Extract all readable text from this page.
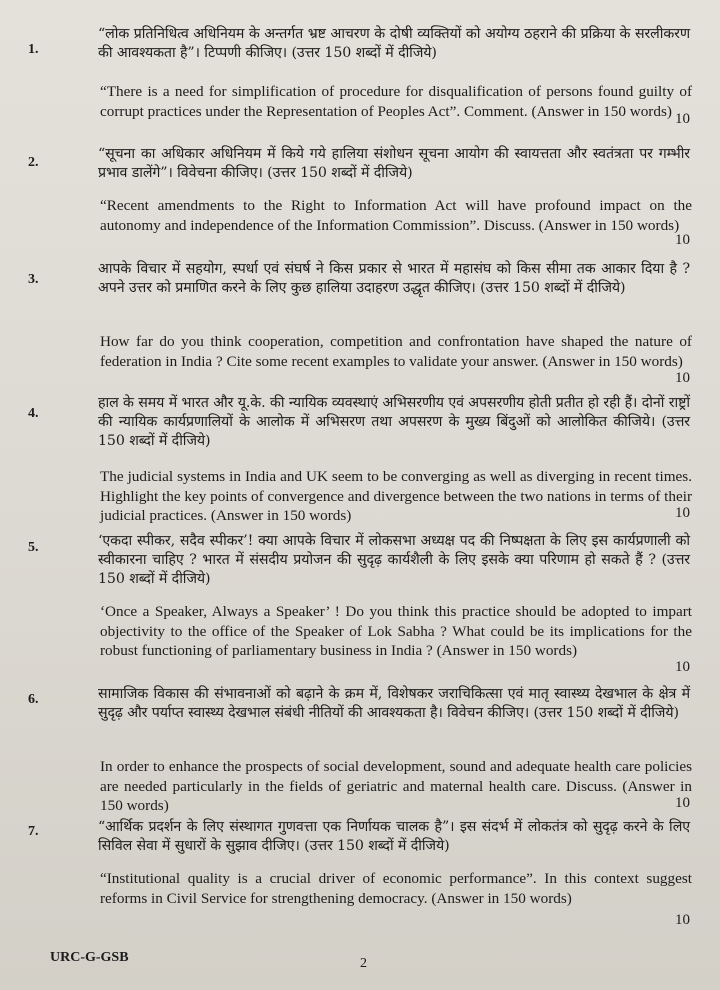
1.
“लोक प्रतिनिधित्व अधिनियम के अन्तर्गत भ्रष्ट आचरण के दोषी व्यक्तियों को अयोग्य ठहराने की प्रक्रिया के सरलीकरण की आवश्यकता है”। टिप्पणी कीजिए। (उत्तर 150 शब्दों में दीजिये)
“There is a need for simplification of procedure for disqualification of persons found guilty of corrupt practices under the Representation of Peoples Act”. Comment. (Answer in 150 words) 10
2.
“सूचना का अधिकार अधिनियम में किये गये हालिया संशोधन सूचना आयोग की स्वायत्तता और स्वतंत्रता पर गम्भीर प्रभाव डालेंगे”। विवेचना कीजिए। (उत्तर 150 शब्दों में दीजिये)
“Recent amendments to the Right to Information Act will have profound impact on the autonomy and independence of the Information Commission”. Discuss. (Answer in 150 words)
10
3.
आपके विचार में सहयोग, स्पर्धा एवं संघर्ष ने किस प्रकार से भारत में महासंघ को किस सीमा तक आकार दिया है ? अपने उत्तर को प्रमाणित करने के लिए कुछ हालिया उदाहरण उद्धृत कीजिए। (उत्तर 150 शब्दों में दीजिये)
How far do you think cooperation, competition and confrontation have shaped the nature of federation in India ? Cite some recent examples to validate your answer. (Answer in 150 words)
10
4.
हाल के समय में भारत और यू.के. की न्यायिक व्यवस्थाएं अभिसरणीय एवं अपसरणीय होती प्रतीत हो रही हैं। दोनों राष्ट्रों की न्यायिक कार्यप्रणालियों के आलोक में अभिसरण तथा अपसरण के मुख्य बिंदुओं को आलोकित कीजिये। (उत्तर 150 शब्दों में दीजिये)
The judicial systems in India and UK seem to be converging as well as diverging in recent times. Highlight the key points of convergence and divergence between the two nations in terms of their judicial practices. (Answer in 150 words)	10
5.	‘एकदा स्पीकर, सदैव स्पीकर’! क्या आपके विचार में लोकसभा अध्यक्ष पद की निष्पक्षता के लिए इस कार्यप्रणाली को स्वीकारना चाहिए ? भारत में संसदीय प्रयोजन की सुदृढ़ कार्यशैली के लिए इसके क्या परिणाम हो सकते हैं ? (उत्तर 150 शब्दों में दीजिये)
‘Once a Speaker, Always a Speaker’ ! Do you think this practice should be adopted to impart objectivity to the office of the Speaker of Lok Sabha ? What could be its implications for the robust functioning of parliamentary business in India ? (Answer in 150 words)
10
6.	सामाजिक विकास की संभावनाओं को बढ़ाने के क्रम में, विशेषकर जराचिकित्सा एवं मातृ स्वास्थ्य देखभाल के क्षेत्र में सुदृढ़ और पर्याप्त स्वास्थ्य देखभाल संबंधी नीतियों की आवश्यकता है। विवेचन कीजिए। (उत्तर 150 शब्दों में दीजिये)
In order to enhance the prospects of social development, sound and adequate health care policies are needed particularly in the fields of geriatric and maternal health care. Discuss. (Answer in 150 words)	10
7.	“आर्थिक प्रदर्शन के लिए संस्थागत गुणवत्ता एक निर्णायक चालक है”। इस संदर्भ में लोकतंत्र को सुदृढ़ करने के लिए सिविल सेवा में सुधारों के सुझाव दीजिए। (उत्तर 150 शब्दों में दीजिये)
“Institutional quality is a crucial driver of economic performance”. In this context suggest reforms in Civil Service for strengthening democracy. (Answer in 150 words)
10
URC-G-GSB	2
